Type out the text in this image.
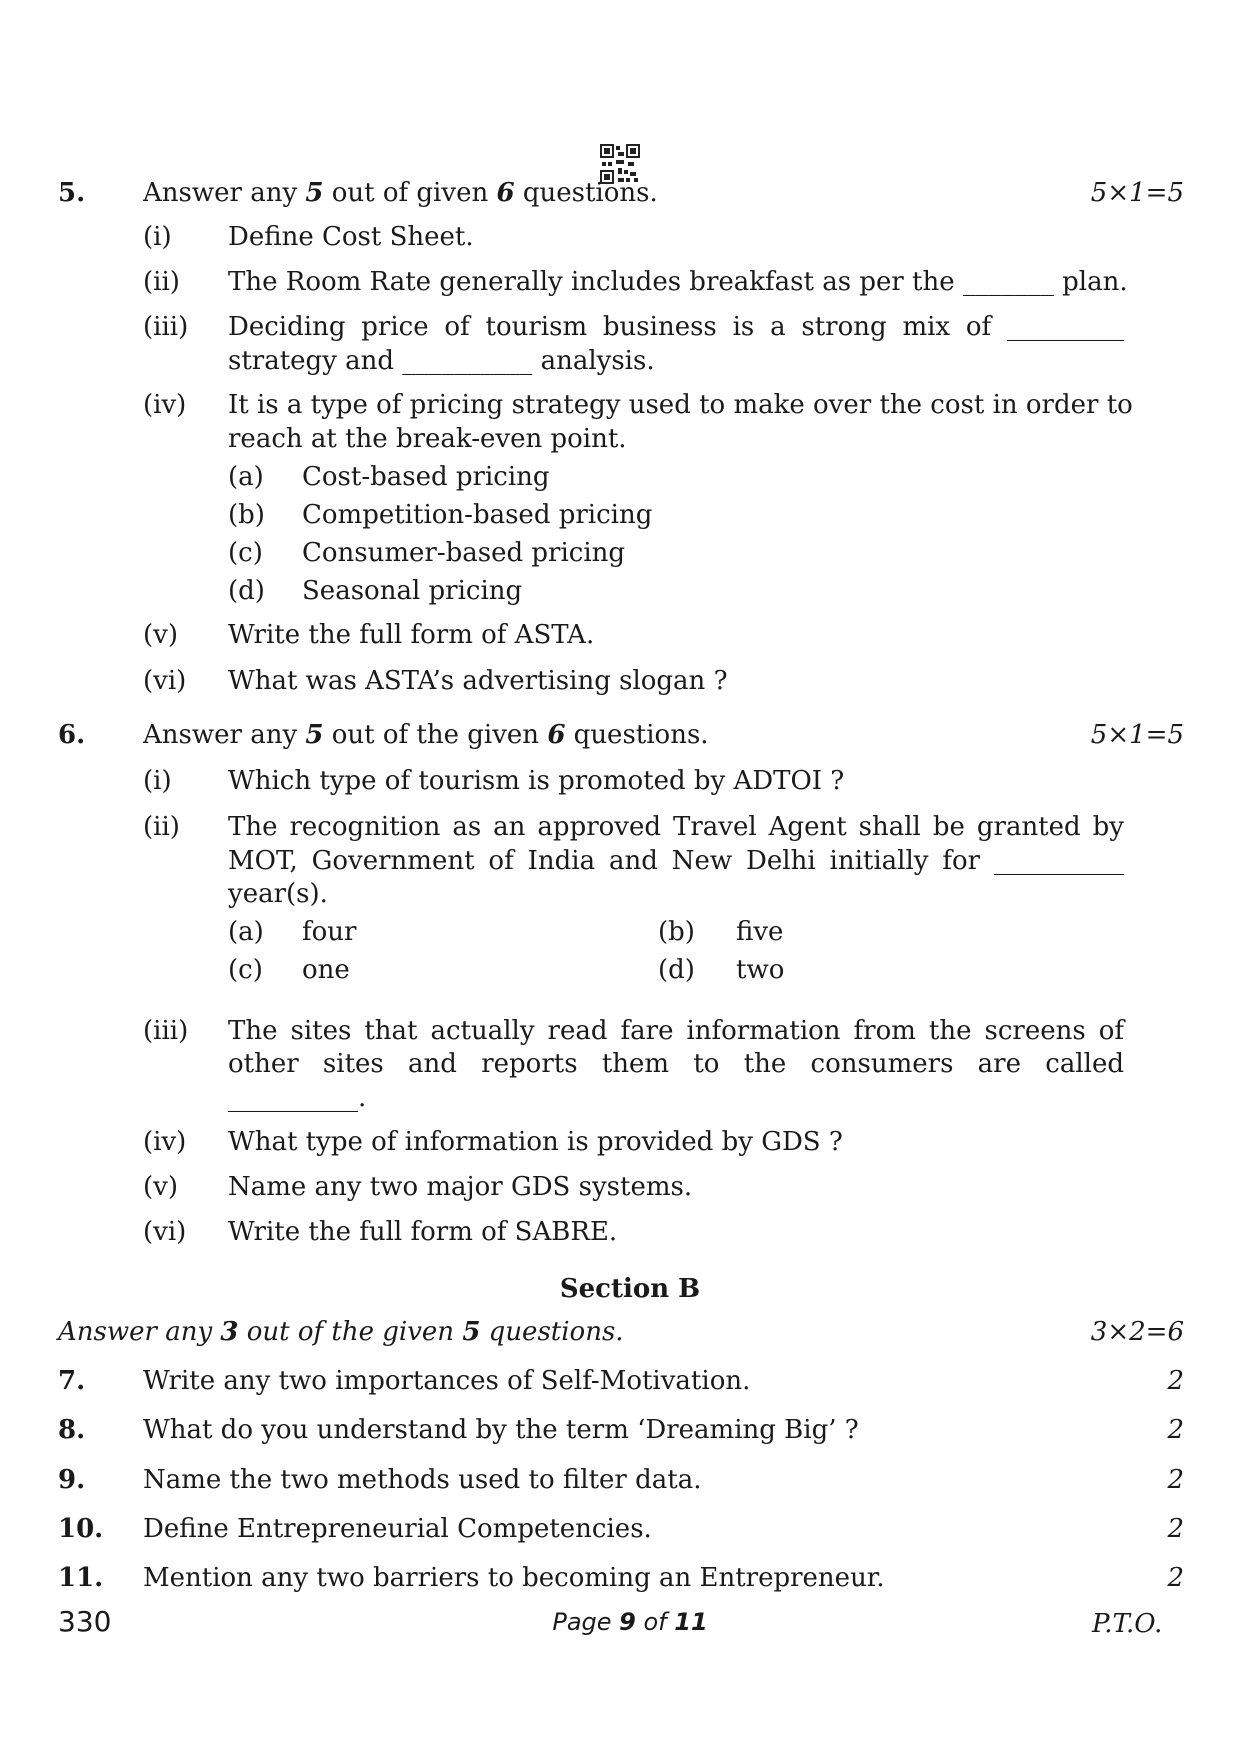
5. Answer any 5 out of given 6 questions.	5×1=5
(i) Define Cost Sheet.
(ii) The Room Rate generally includes breakfast as per the _______ plan.
(iii) Deciding price of tourism business is a strong mix of _________
strategy and __________ analysis.
(iv) It is a type of pricing strategy used to make over the cost in order to
reach at the break-even point.
(a) Cost-based pricing
(b) Competition-based pricing
(c) Consumer-based pricing
(d) Seasonal pricing
(v) Write the full form of ASTA.
(vi) What was ASTA’s advertising slogan ?
6. Answer any 5 out of the given 6 questions.	5×1=5
(i) Which type of tourism is promoted by ADTOI ?
(ii) The recognition as an approved Travel Agent shall be granted by
MOT, Government of India and New Delhi initially for __________
year(s).
(a) four	(b) five
(c) one	(d) two
(iii) The sites that actually read fare information from the screens of
other sites and reports them to the consumers are called
__________.
(iv) What type of information is provided by GDS ?
(v) Name any two major GDS systems.
(vi) Write the full form of SABRE.
Section B
Answer any 3 out of the given 5 questions.	3×2=6
7. Write any two importances of Self-Motivation.	2
8. What do you understand by the term ‘Dreaming Big’ ?	2
9. Name the two methods used to filter data.	2
10. Define Entrepreneurial Competencies.	2
11. Mention any two barriers to becoming an Entrepreneur.	2
330	Page 9 of 11	P.T.O.
